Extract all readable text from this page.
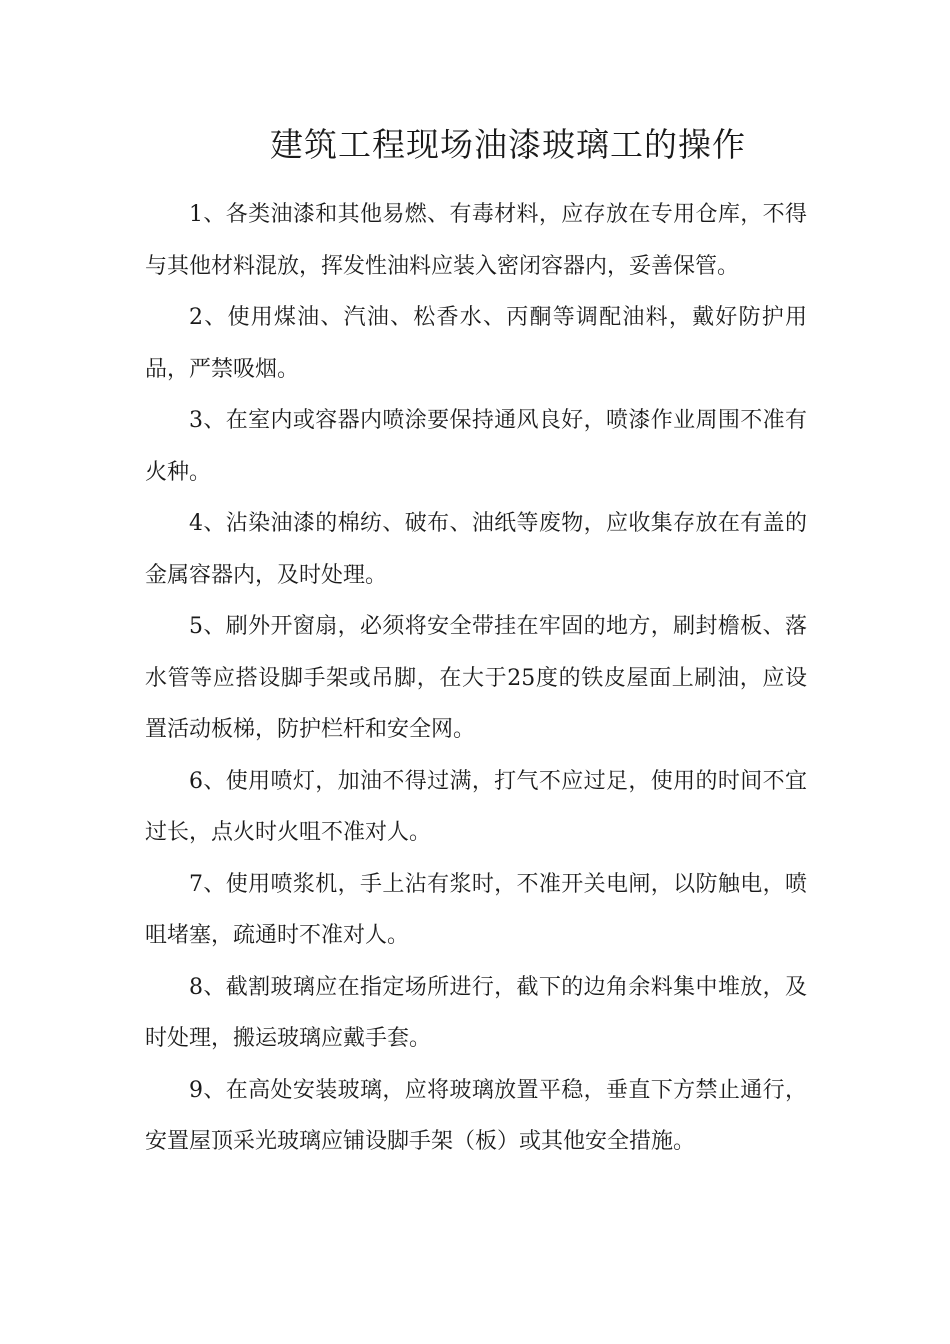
建筑工程现场油漆玻璃工的操作
1、各类油漆和其他易燃、有毒材料，应存放在专用仓库，不得与其他材料混放，挥发性油料应装入密闭容器内，妥善保管。
2、使用煤油、汽油、松香水、丙酮等调配油料，戴好防护用品，严禁吸烟。
3、在室内或容器内喷涂要保持通风良好，喷漆作业周围不准有火种。
4、沾染油漆的棉纺、破布、油纸等废物，应收集存放在有盖的金属容器内，及时处理。
5、刷外开窗扇，必须将安全带挂在牢固的地方，刷封檐板、落水管等应搭设脚手架或吊脚，在大于25度的铁皮屋面上刷油，应设置活动板梯，防护栏杆和安全网。
6、使用喷灯，加油不得过满，打气不应过足，使用的时间不宜过长，点火时火咀不准对人。
7、使用喷浆机，手上沾有浆时，不准开关电闸，以防触电，喷咀堵塞，疏通时不准对人。
8、截割玻璃应在指定场所进行，截下的边角余料集中堆放，及时处理，搬运玻璃应戴手套。
9、在高处安装玻璃，应将玻璃放置平稳，垂直下方禁止通行，安置屋顶采光玻璃应铺设脚手架（板）或其他安全措施。
